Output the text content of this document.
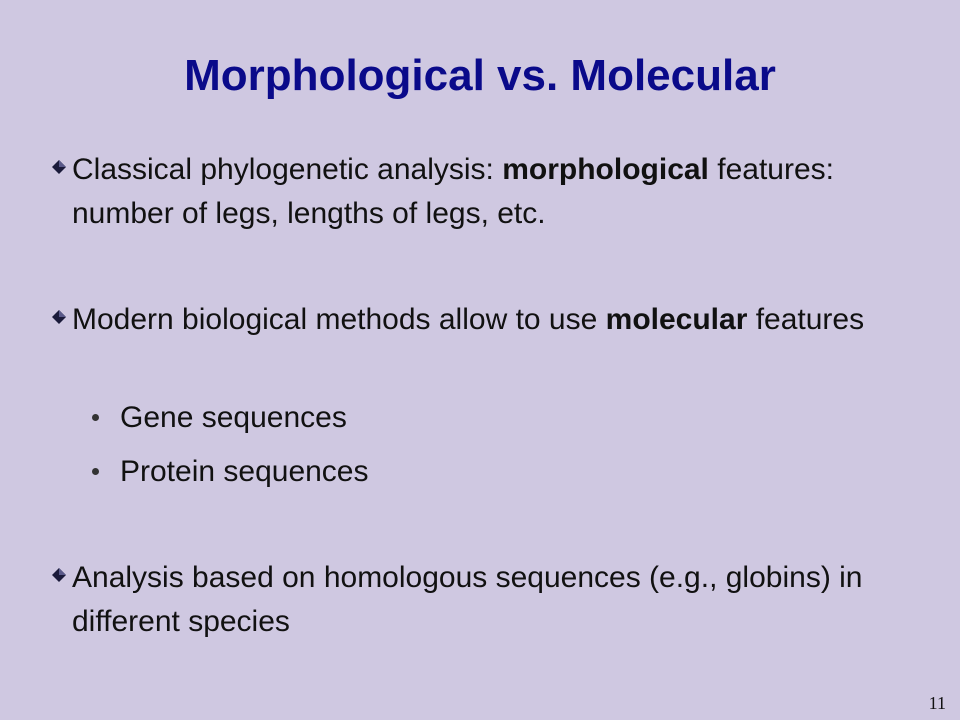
Morphological vs. Molecular
Classical phylogenetic analysis: morphological features: number of legs, lengths of legs, etc.
Modern biological methods allow to use molecular features
Gene sequences
Protein sequences
Analysis based on homologous sequences (e.g., globins) in different species
11
